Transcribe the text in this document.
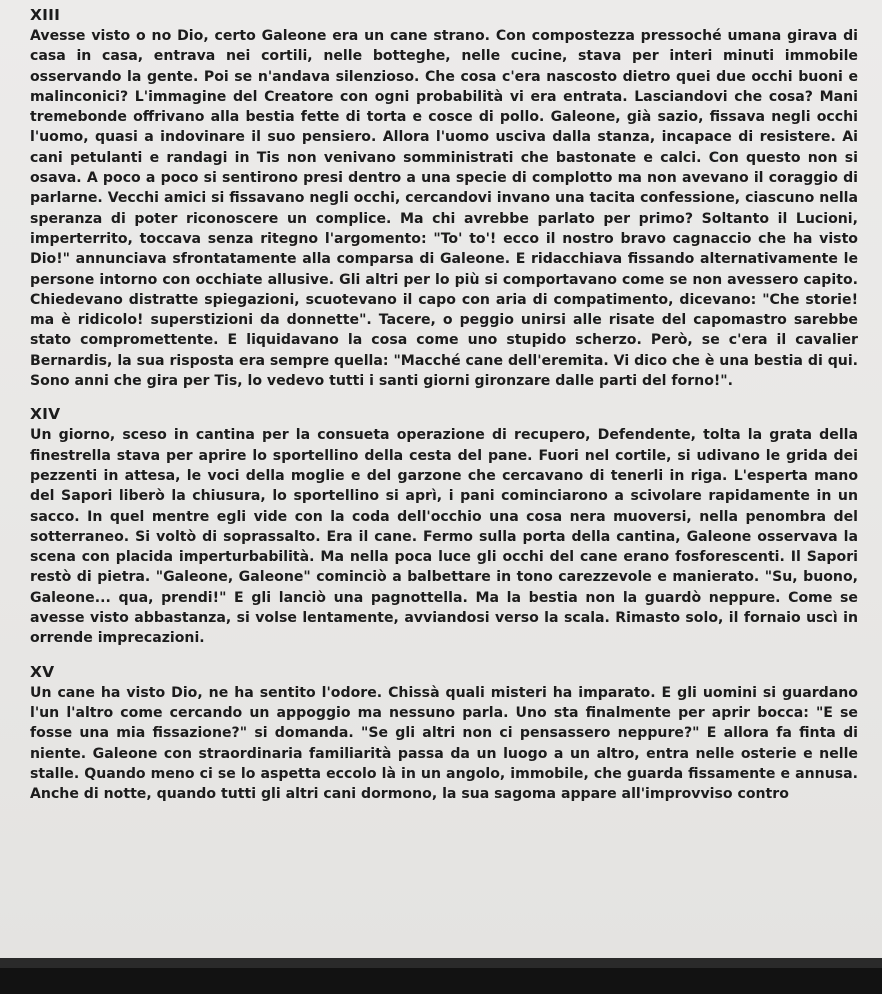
XIII

Avesse visto o no Dio, certo Galeone era un cane strano. Con compostezza pressoché umana girava di casa in casa, entrava nei cortili, nelle botteghe, nelle cucine, stava per interi minuti immobile osservando la gente. Poi se n'andava silenzioso. Che cosa c'era nascosto dietro quei due occhi buoni e malinconici? L'immagine del Creatore con ogni probabilità vi era entrata. Lasciandovi che cosa? Mani tremebonde offrivano alla bestia fette di torta e cosce di pollo. Galeone, già sazio, fissava negli occhi l'uomo, quasi a indovinare il suo pensiero. Allora l'uomo usciva dalla stanza, incapace di resistere. Ai cani petulanti e randagi in Tis non venivano somministrati che bastonate e calci. Con questo non si osava. A poco a poco si sentirono presi dentro a una specie di complotto ma non avevano il coraggio di parlarne. Vecchi amici si fissavano negli occhi, cercandovi invano una tacita confessione, ciascuno nella speranza di poter riconoscere un complice. Ma chi avrebbe parlato per primo? Soltanto il Lucioni, imperterrito, toccava senza ritegno l'argomento: "To' to'! ecco il nostro bravo cagnaccio che ha visto Dio!" annunciava sfrontatamente alla comparsa di Galeone. E ridacchiava fissando alternativamente le persone intorno con occhiate allusive. Gli altri per lo più si comportavano come se non avessero capito. Chiedevano distratte spiegazioni, scuotevano il capo con aria di compatimento, dicevano: "Che storie! ma è ridicolo! superstizioni da donnette". Tacere, o peggio unirsi alle risate del capomastro sarebbe stato compromettente. E liquidavano la cosa come uno stupido scherzo. Però, se c'era il cavalier Bernardis, la sua risposta era sempre quella: "Macché cane dell'eremita. Vi dico che è una bestia di qui. Sono anni che gira per Tis, lo vedevo tutti i santi giorni gironzare dalle parti del forno!".

XIV

Un giorno, sceso in cantina per la consueta operazione di recupero, Defendente, tolta la grata della finestrella stava per aprire lo sportellino della cesta del pane. Fuori nel cortile, si udivano le grida dei pezzenti in attesa, le voci della moglie e del garzone che cercavano di tenerli in riga. L'esperta mano del Sapori liberò la chiusura, lo sportellino si aprì, i pani cominciarono a scivolare rapidamente in un sacco. In quel mentre egli vide con la coda dell'occhio una cosa nera muoversi, nella penombra del sotterraneo. Si voltò di soprassalto. Era il cane. Fermo sulla porta della cantina, Galeone osservava la scena con placida imperturbabilità. Ma nella poca luce gli occhi del cane erano fosforescenti. Il Sapori restò di pietra. "Galeone, Galeone" cominciò a balbettare in tono carezzevole e manierato. "Su, buono, Galeone... qua, prendi!" E gli lanciò una pagnottella. Ma la bestia non la guardò neppure. Come se avesse visto abbastanza, si volse lentamente, avviandosi verso la scala. Rimasto solo, il fornaio uscì in orrende imprecazioni.

XV

Un cane ha visto Dio, ne ha sentito l'odore. Chissà quali misteri ha imparato. E gli uomini si guardano l'un l'altro come cercando un appoggio ma nessuno parla. Uno sta finalmente per aprir bocca: "E se fosse una mia fissazione?" si domanda. "Se gli altri non ci pensassero neppure?" E allora fa finta di niente. Galeone con straordinaria familiarità passa da un luogo a un altro, entra nelle osterie e nelle stalle. Quando meno ci se lo aspetta eccolo là in un angolo, immobile, che guarda fissamente e annusa. Anche di notte, quando tutti gli altri cani dormono, la sua sagoma appare all'improvviso contro
